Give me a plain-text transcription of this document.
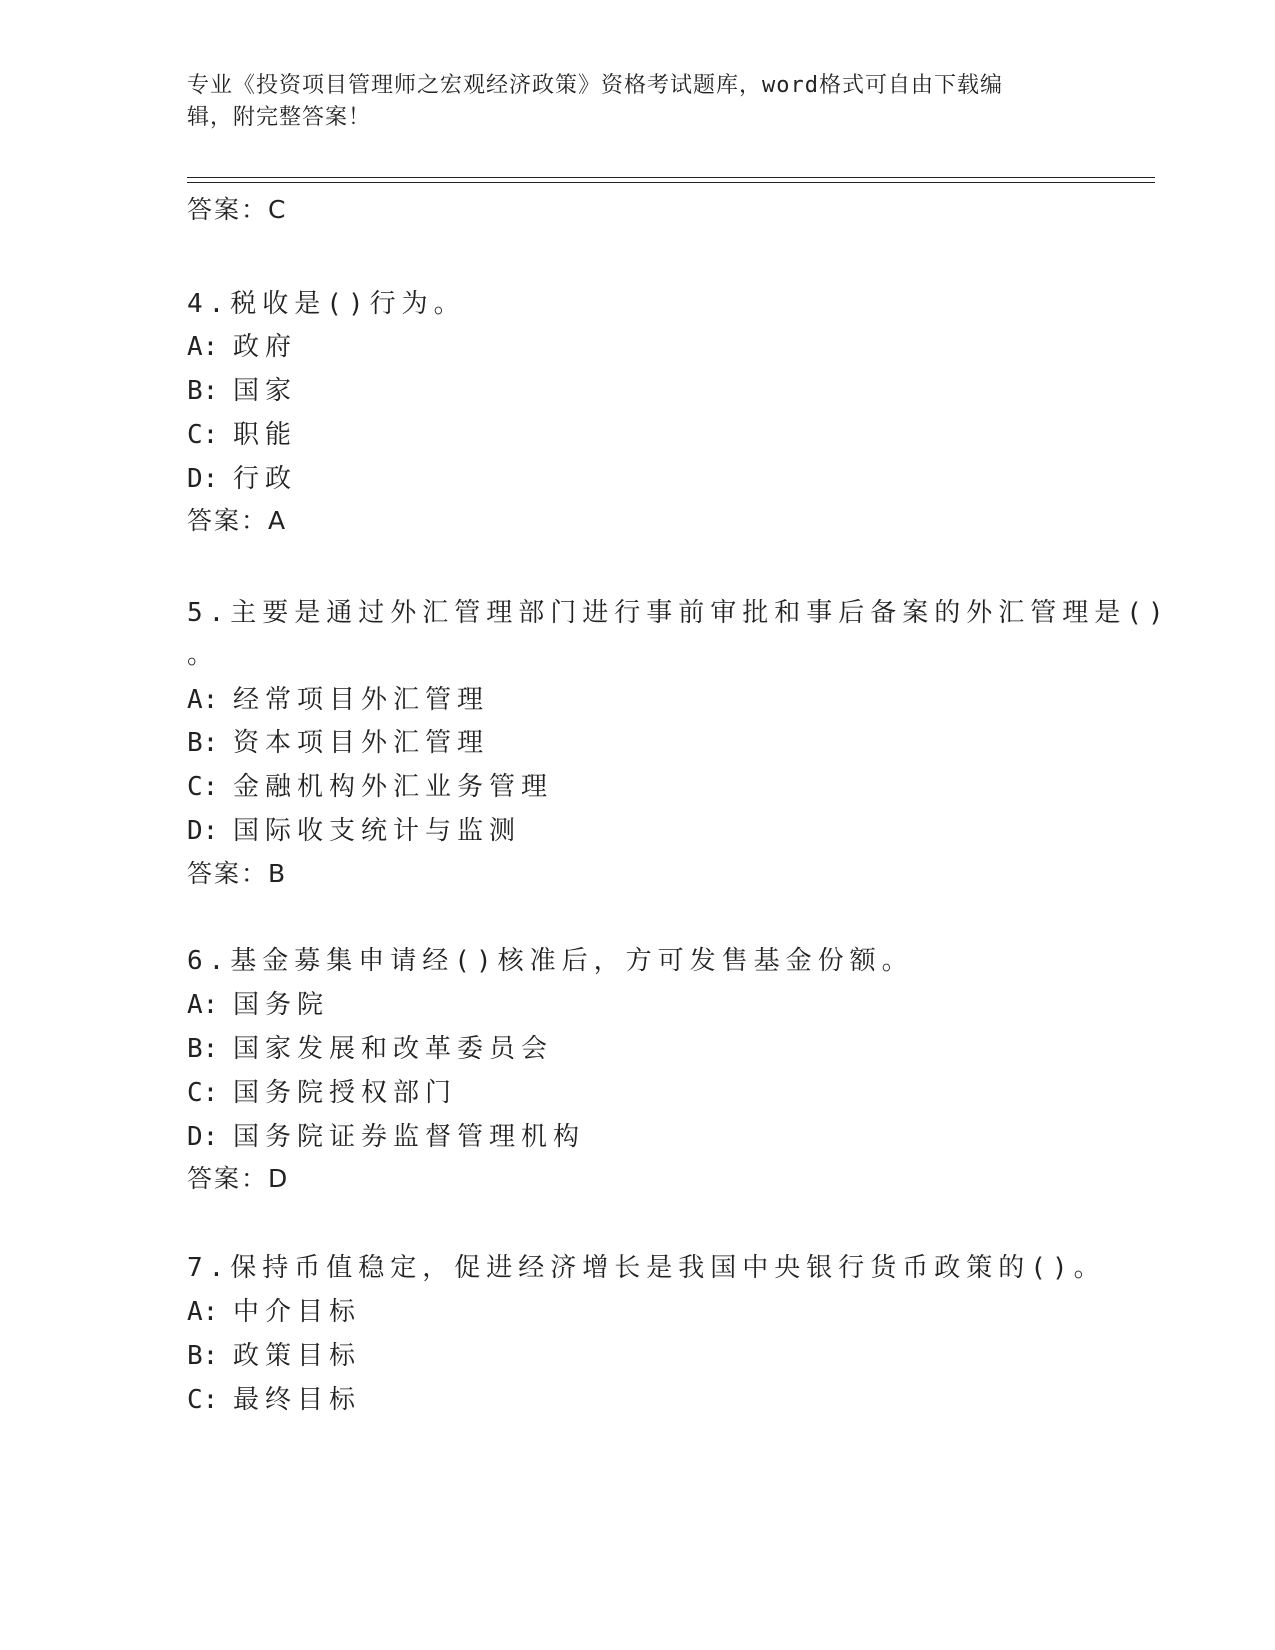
专业《投资项目管理师之宏观经济政策》资格考试题库，word格式可自由下载编
辑，附完整答案！
答案：C
4.税收是()行为。
A: 政府
B: 国家
C: 职能
D: 行政
答案：A
5.主要是通过外汇管理部门进行事前审批和事后备案的外汇管理是()
。
A: 经常项目外汇管理
B: 资本项目外汇管理
C: 金融机构外汇业务管理
D: 国际收支统计与监测
答案：B
6.基金募集申请经()核准后，方可发售基金份额。
A: 国务院
B: 国家发展和改革委员会
C: 国务院授权部门
D: 国务院证券监督管理机构
答案：D
7.保持币值稳定，促进经济增长是我国中央银行货币政策的()。
A: 中介目标
B: 政策目标
C: 最终目标
